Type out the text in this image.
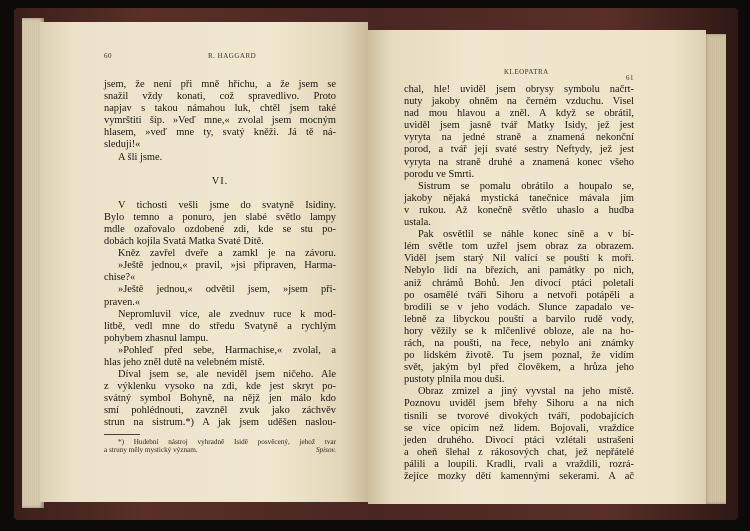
60	R. HAGGARD
jsem, že není při mně hříchu, a že jsem se
snažil vždy konati, což spravedlivo. Proto
napjav s takou námahou luk, chtěl jsem také
vymrštiti šíp. »Veď mne,« zvolal jsem mocným
hlasem, »veď mne ty, svatý kněži. Já tě ná-
sleduji!«
A šli jsme.
VI.
V tichosti vešli jsme do svatyně Isidiny.
Bylo temno a ponuro, jen slabé světlo lampy
mdle ozařovalo ozdobené zdi, kde se stu po-
dobách kojila Svatá Matka Svaté Dítě.
Kněz zavřel dveře a zamkl je na závoru.
»Ještě jednou,« pravil, »jsi připraven, Harma-
chise?«
»Ještě jednou,« odvětil jsem, »jsem při-
praven.«
Nepromluvil více, ale zvednuv ruce k mod-
litbě, vedl mne do středu Svatyně a rychlým
pohybem zhasnul lampu.
»Pohleď před sebe, Harmachise,« zvolal, a
hlas jeho zněl dutě na velebném místě.
Díval jsem se, ale neviděl jsem ničeho. Ale
z výklenku vysoko na zdi, kde jest skryt po-
svátný symbol Bohyně, na nějž jen málo kdo
smí pohlédnouti, zavzněl zvuk jako záchvěv
strun na sistrum.*) A jak jsem uděšen naslou-
*) Hudební nástroj vyhradně Isidě posvěcený, jehož tvar
a struny měly mystický význam.	Spisov.
KLEOPATRA
61
chal, hle! uviděl jsem obrysy symbolu načrt-
nuty jakoby ohněm na černém vzduchu. Visel
nad mou hlavou a zněl. A když se obrátil,
uviděl jsem jasně tvář Matky Isidy, jež jest
vyryta na jedné straně a znamená nekonční
porod, a tvář její svaté sestry Neftydy, jež jest
vyryta na straně druhé a znamená konec všeho
porodu ve Smrti.
Sistrum se pomalu obrátilo a houpalo se,
jakoby nějaká mystická tanečnice mávala jím
v rukou. Až konečně světlo uhaslo a hudba
ustala.
Pak osvětlil se náhle konec síně a v bí-
lém světle tom uzřel jsem obraz za obrazem.
Viděl jsem starý Nil valící se pouští k moři.
Nebylo lidí na březích, ani památky po nich,
aniž chrámů Bohů. Jen divocí ptáci poletali
po osamělé tváři Sihoru a netvoři potápěli a
brodili se v jeho vodách. Slunce zapadalo ve-
lebně za libyckou pouští a barvilo rudě vody,
hory věžily se k mlčenlivé obloze, ale na ho-
rách, na poušti, na řece, nebylo ani známky
po lidském životě. Tu jsem poznal, že vidím
svět, jakým byl před člověkem, a hrůza jeho
pustoty plnila mou duši.
Obraz zmizel a jiný vyvstal na jeho místě.
Poznovu uviděl jsem břehy Sihoru a na nich
tisnili se tvorové divokých tváří, podobajících
se více opicím než lidem. Bojovali, vraždíce
jeden druhého. Divocí ptáci vzlétali ustrašeni
a oheň šlehal z rákosových chat, jež nepřátelé
pálili a loupili. Kradli, rvali a vraždili, rozrá-
žejíce mozky dětí kamennými sekerami. A ač
